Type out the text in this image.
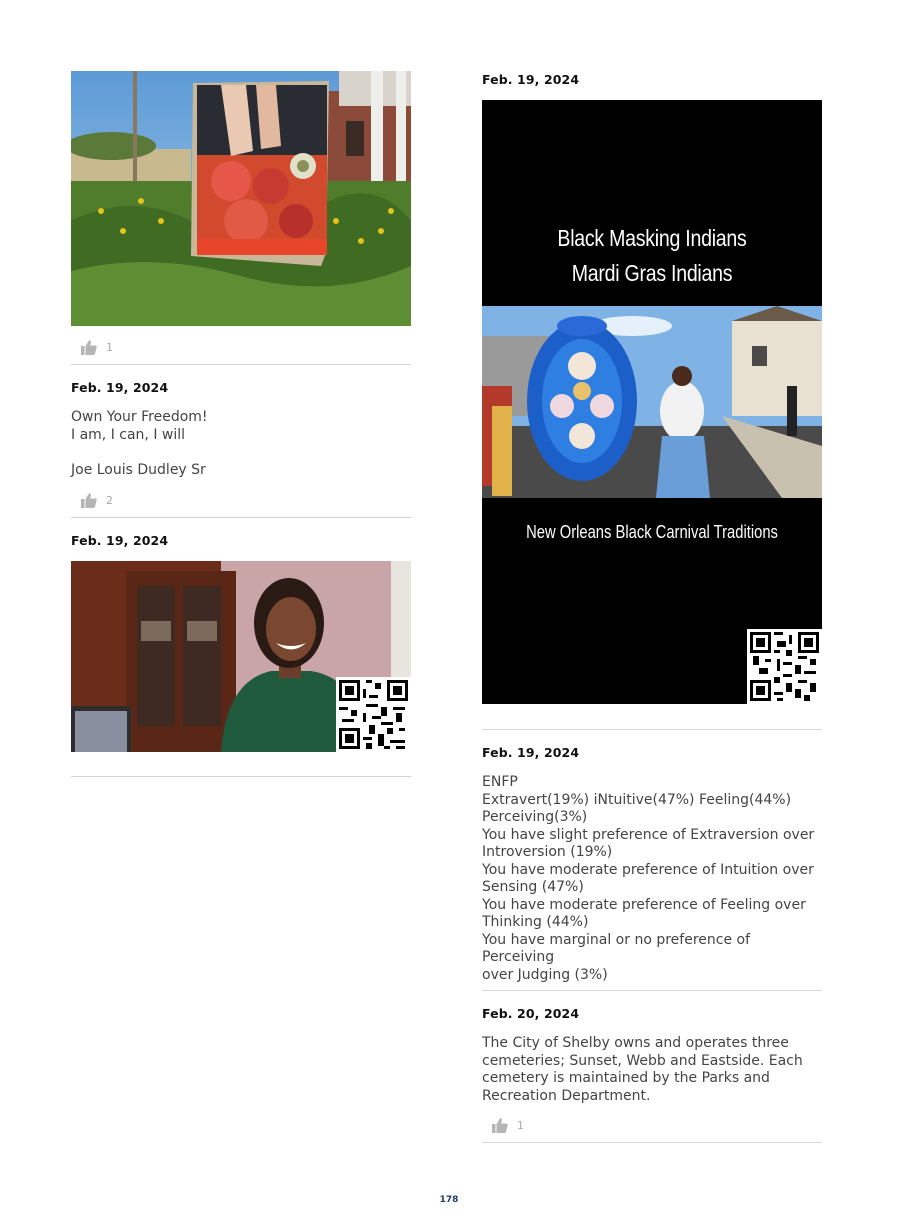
1
Feb. 19, 2024
Own Your Freedom!
I am, I can, I will
Joe Louis Dudley Sr
2
Feb. 19, 2024
Feb. 19, 2024
Black Masking Indians
Mardi Gras Indians
New Orleans Black Carnival Traditions
Feb. 19, 2024
ENFP
Extravert(19%) iNtuitive(47%) Feeling(44%)
Perceiving(3%)
You have slight preference of Extraversion over
Introversion (19%)
You have moderate preference of Intuition over
Sensing (47%)
You have moderate preference of Feeling over
Thinking (44%)
You have marginal or no preference of Perceiving
over Judging (3%)
Feb. 20, 2024
The City of Shelby owns and operates three
cemeteries; Sunset, Webb and Eastside. Each
cemetery is maintained by the Parks and
Recreation Department.
1
178
